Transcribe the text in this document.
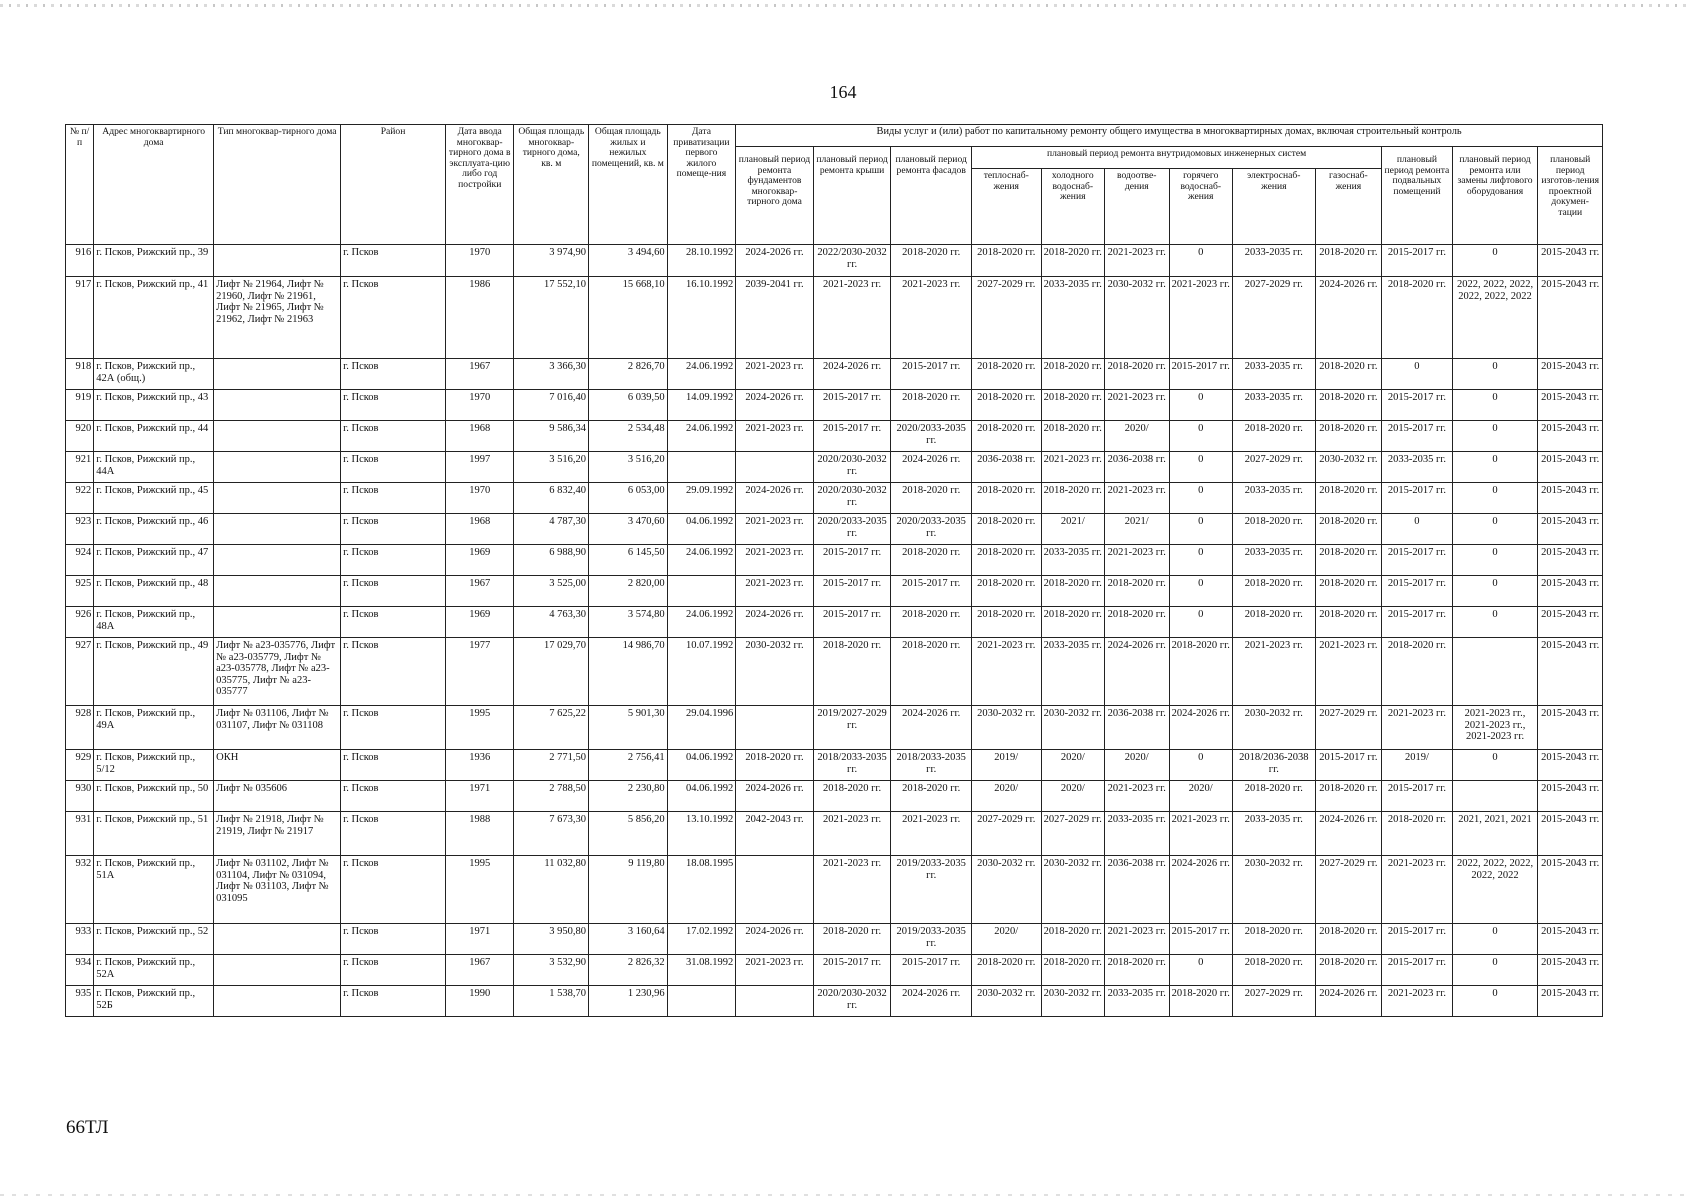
164
№ п/п	Адрес многоквартирного дома	Тип многоквар-тирного дома	Район	Дата ввода многоквар-тирного дома в эксплуата-цию либо год постройки	Общая площадь многоквар-тирного дома, кв. м	Общая площадь жилых и нежилых помещений, кв. м	Дата приватизации первого жилого помеще-ния	Виды услуг и (или) работ по капитальному ремонту общего имущества в многоквартирных домах, включая строительный контроль											
								плановый период ремонта фундаментов многоквар-тирного дома	плановый период ремонта крыши	плановый период ремонта фасадов	плановый период ремонта внутридомовых инженерных систем						плановый период ремонта подвальных помещений	плановый период ремонта или замены лифтового оборудования	плановый период изготов-ления проектной докумен-тации
											теплоснаб-жения	холодного водоснаб-жения	водоотве-дения	горячего водоснаб-жения	электроснаб-жения	газоснаб-жения			
916	г. Псков, Рижский пр., 39		г. Псков	1970	3 974,90	3 494,60	28.10.1992	2024-2026 гг.	2022/2030-2032 гг.	2018-2020 гг.	2018-2020 гг.	2018-2020 гг.	2021-2023 гг.	0	2033-2035 гг.	2018-2020 гг.	2015-2017 гг.	0	2015-2043 гг.
917	г. Псков, Рижский пр., 41	Лифт № 21964, Лифт № 21960, Лифт № 21961, Лифт № 21965, Лифт № 21962, Лифт № 21963	г. Псков	1986	17 552,10	15 668,10	16.10.1992	2039-2041 гг.	2021-2023 гг.	2021-2023 гг.	2027-2029 гг.	2033-2035 гг.	2030-2032 гг.	2021-2023 гг.	2027-2029 гг.	2024-2026 гг.	2018-2020 гг.	2022, 2022, 2022, 2022, 2022, 2022	2015-2043 гг.
918	г. Псков, Рижский пр., 42А (общ.)		г. Псков	1967	3 366,30	2 826,70	24.06.1992	2021-2023 гг.	2024-2026 гг.	2015-2017 гг.	2018-2020 гг.	2018-2020 гг.	2018-2020 гг.	2015-2017 гг.	2033-2035 гг.	2018-2020 гг.	0	0	2015-2043 гг.
919	г. Псков, Рижский пр., 43		г. Псков	1970	7 016,40	6 039,50	14.09.1992	2024-2026 гг.	2015-2017 гг.	2018-2020 гг.	2018-2020 гг.	2018-2020 гг.	2021-2023 гг.	0	2033-2035 гг.	2018-2020 гг.	2015-2017 гг.	0	2015-2043 гг.
920	г. Псков, Рижский пр., 44		г. Псков	1968	9 586,34	2 534,48	24.06.1992	2021-2023 гг.	2015-2017 гг.	2020/2033-2035 гг.	2018-2020 гг.	2018-2020 гг.	2020/	0	2018-2020 гг.	2018-2020 гг.	2015-2017 гг.	0	2015-2043 гг.
921	г. Псков, Рижский пр., 44А		г. Псков	1997	3 516,20	3 516,20			2020/2030-2032 гг.	2024-2026 гг.	2036-2038 гг.	2021-2023 гг.	2036-2038 гг.	0	2027-2029 гг.	2030-2032 гг.	2033-2035 гг.	0	2015-2043 гг.
922	г. Псков, Рижский пр., 45		г. Псков	1970	6 832,40	6 053,00	29.09.1992	2024-2026 гг.	2020/2030-2032 гг.	2018-2020 гг.	2018-2020 гг.	2018-2020 гг.	2021-2023 гг.	0	2033-2035 гг.	2018-2020 гг.	2015-2017 гг.	0	2015-2043 гг.
923	г. Псков, Рижский пр., 46		г. Псков	1968	4 787,30	3 470,60	04.06.1992	2021-2023 гг.	2020/2033-2035 гг.	2020/2033-2035 гг.	2018-2020 гг.	2021/	2021/	0	2018-2020 гг.	2018-2020 гг.	0	0	2015-2043 гг.
924	г. Псков, Рижский пр., 47		г. Псков	1969	6 988,90	6 145,50	24.06.1992	2021-2023 гг.	2015-2017 гг.	2018-2020 гг.	2018-2020 гг.	2033-2035 гг.	2021-2023 гг.	0	2033-2035 гг.	2018-2020 гг.	2015-2017 гг.	0	2015-2043 гг.
925	г. Псков, Рижский пр., 48		г. Псков	1967	3 525,00	2 820,00		2021-2023 гг.	2015-2017 гг.	2015-2017 гг.	2018-2020 гг.	2018-2020 гг.	2018-2020 гг.	0	2018-2020 гг.	2018-2020 гг.	2015-2017 гг.	0	2015-2043 гг.
926	г. Псков, Рижский пр., 48А		г. Псков	1969	4 763,30	3 574,80	24.06.1992	2024-2026 гг.	2015-2017 гг.	2018-2020 гг.	2018-2020 гг.	2018-2020 гг.	2018-2020 гг.	0	2018-2020 гг.	2018-2020 гг.	2015-2017 гг.	0	2015-2043 гг.
927	г. Псков, Рижский пр., 49	Лифт № а23-035776, Лифт № а23-035779, Лифт № а23-035778, Лифт № а23-035775, Лифт № а23-035777	г. Псков	1977	17 029,70	14 986,70	10.07.1992	2030-2032 гг.	2018-2020 гг.	2018-2020 гг.	2021-2023 гг.	2033-2035 гг.	2024-2026 гг.	2018-2020 гг.	2021-2023 гг.	2021-2023 гг.	2018-2020 гг.		2015-2043 гг.
928	г. Псков, Рижский пр., 49А	Лифт № 031106, Лифт № 031107, Лифт № 031108	г. Псков	1995	7 625,22	5 901,30	29.04.1996		2019/2027-2029 гг.	2024-2026 гг.	2030-2032 гг.	2030-2032 гг.	2036-2038 гг.	2024-2026 гг.	2030-2032 гг.	2027-2029 гг.	2021-2023 гг.	2021-2023 гг., 2021-2023 гг., 2021-2023 гг.	2015-2043 гг.
929	г. Псков, Рижский пр., 5/12	ОКН	г. Псков	1936	2 771,50	2 756,41	04.06.1992	2018-2020 гг.	2018/2033-2035 гг.	2018/2033-2035 гг.	2019/	2020/	2020/	0	2018/2036-2038 гг.	2015-2017 гг.	2019/	0	2015-2043 гг.
930	г. Псков, Рижский пр., 50	Лифт № 035606	г. Псков	1971	2 788,50	2 230,80	04.06.1992	2024-2026 гг.	2018-2020 гг.	2018-2020 гг.	2020/	2020/	2021-2023 гг.	2020/	2018-2020 гг.	2018-2020 гг.	2015-2017 гг.		2015-2043 гг.
931	г. Псков, Рижский пр., 51	Лифт № 21918, Лифт № 21919, Лифт № 21917	г. Псков	1988	7 673,30	5 856,20	13.10.1992	2042-2043 гг.	2021-2023 гг.	2021-2023 гг.	2027-2029 гг.	2027-2029 гг.	2033-2035 гг.	2021-2023 гг.	2033-2035 гг.	2024-2026 гг.	2018-2020 гг.	2021, 2021, 2021	2015-2043 гг.
932	г. Псков, Рижский пр., 51А	Лифт № 031102, Лифт № 031104, Лифт № 031094, Лифт № 031103, Лифт № 031095	г. Псков	1995	11 032,80	9 119,80	18.08.1995		2021-2023 гг.	2019/2033-2035 гг.	2030-2032 гг.	2030-2032 гг.	2036-2038 гг.	2024-2026 гг.	2030-2032 гг.	2027-2029 гг.	2021-2023 гг.	2022, 2022, 2022, 2022, 2022	2015-2043 гг.
933	г. Псков, Рижский пр., 52		г. Псков	1971	3 950,80	3 160,64	17.02.1992	2024-2026 гг.	2018-2020 гг.	2019/2033-2035 гг.	2020/	2018-2020 гг.	2021-2023 гг.	2015-2017 гг.	2018-2020 гг.	2018-2020 гг.	2015-2017 гг.	0	2015-2043 гг.
934	г. Псков, Рижский пр., 52А		г. Псков	1967	3 532,90	2 826,32	31.08.1992	2021-2023 гг.	2015-2017 гг.	2015-2017 гг.	2018-2020 гг.	2018-2020 гг.	2018-2020 гг.	0	2018-2020 гг.	2018-2020 гг.	2015-2017 гг.	0	2015-2043 гг.
935	г. Псков, Рижский пр., 52Б		г. Псков	1990	1 538,70	1 230,96			2020/2030-2032 гг.	2024-2026 гг.	2030-2032 гг.	2030-2032 гг.	2033-2035 гг.	2018-2020 гг.	2027-2029 гг.	2024-2026 гг.	2021-2023 гг.	0	2015-2043 гг.
66ТЛ
